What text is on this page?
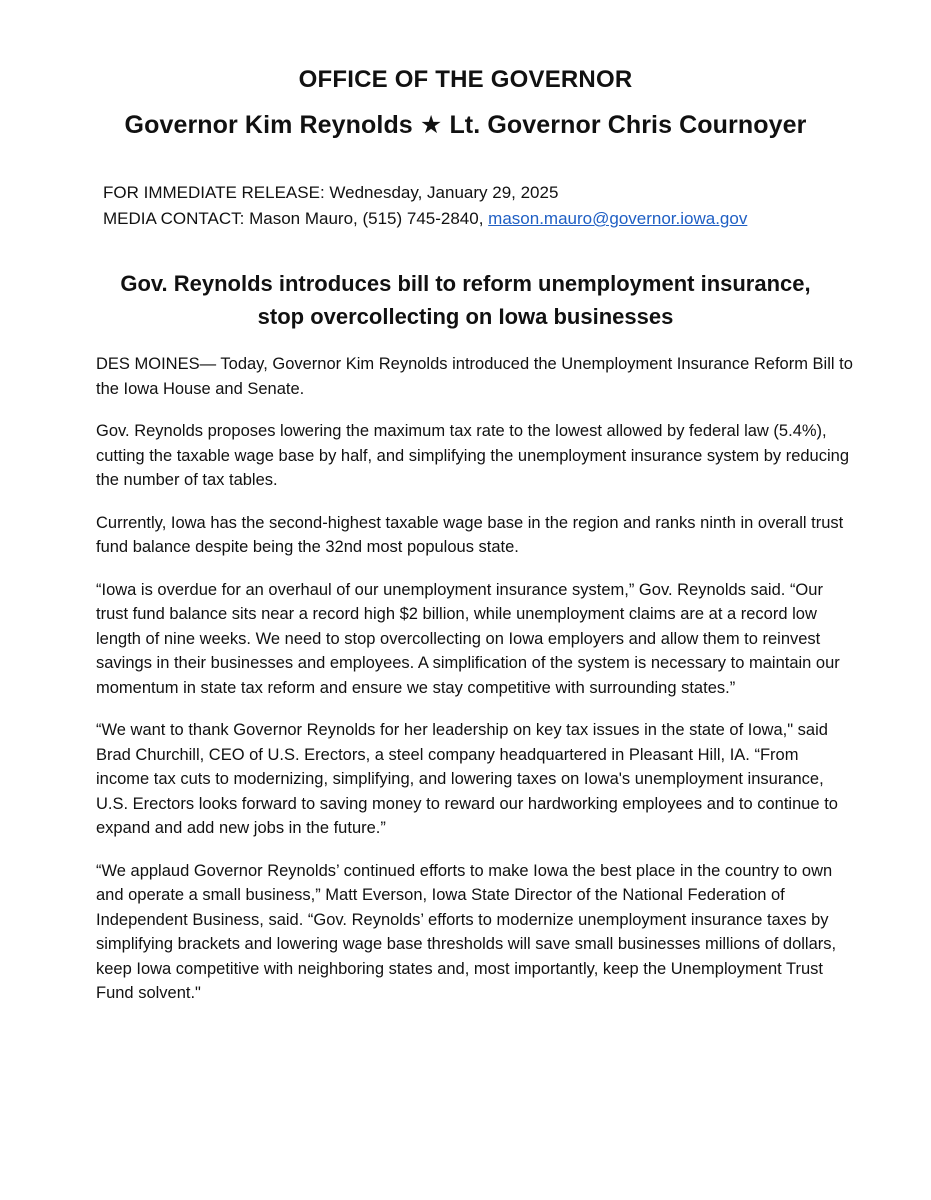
OFFICE OF THE GOVERNOR
Governor Kim Reynolds ★ Lt. Governor Chris Cournoyer
FOR IMMEDIATE RELEASE: Wednesday, January 29, 2025
MEDIA CONTACT: Mason Mauro, (515) 745-2840, mason.mauro@governor.iowa.gov
Gov. Reynolds introduces bill to reform unemployment insurance,
stop overcollecting on Iowa businesses

DES MOINES— Today, Governor Kim Reynolds introduced the Unemployment Insurance Reform Bill to the Iowa House and Senate.

Gov. Reynolds proposes lowering the maximum tax rate to the lowest allowed by federal law (5.4%), cutting the taxable wage base by half, and simplifying the unemployment insurance system by reducing the number of tax tables.

Currently, Iowa has the second-highest taxable wage base in the region and ranks ninth in overall trust fund balance despite being the 32nd most populous state.

“Iowa is overdue for an overhaul of our unemployment insurance system,” Gov. Reynolds said. “Our trust fund balance sits near a record high $2 billion, while unemployment claims are at a record low length of nine weeks. We need to stop overcollecting on Iowa employers and allow them to reinvest savings in their businesses and employees. A simplification of the system is necessary to maintain our momentum in state tax reform and ensure we stay competitive with surrounding states.”

“We want to thank Governor Reynolds for her leadership on key tax issues in the state of Iowa," said Brad Churchill, CEO of U.S. Erectors, a steel company headquartered in Pleasant Hill, IA. “From income tax cuts to modernizing, simplifying, and lowering taxes on Iowa's unemployment insurance, U.S. Erectors looks forward to saving money to reward our hardworking employees and to continue to expand and add new jobs in the future.”

“We applaud Governor Reynolds’ continued efforts to make Iowa the best place in the country to own and operate a small business,” Matt Everson, Iowa State Director of the National Federation of Independent Business, said. “Gov. Reynolds’ efforts to modernize unemployment insurance taxes by simplifying brackets and lowering wage base thresholds will save small businesses millions of dollars, keep Iowa competitive with neighboring states and, most importantly, keep the Unemployment Trust Fund solvent."
